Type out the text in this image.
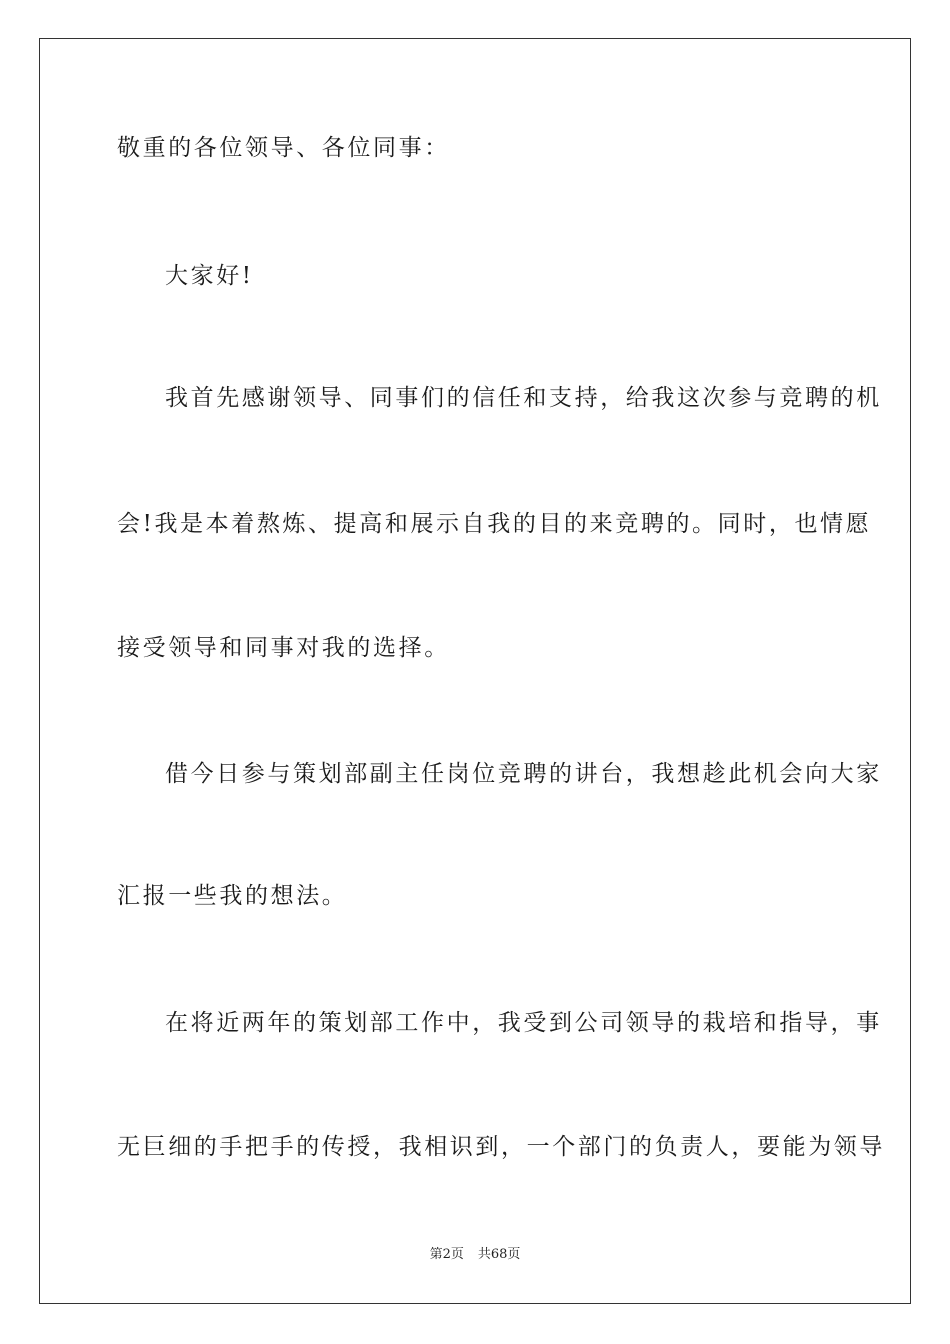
敬重的各位领导、各位同事：
大家好!
我首先感谢领导、同事们的信任和支持，给我这次参与竞聘的机
会!我是本着熬炼、提高和展示自我的目的来竞聘的。同时，也情愿
接受领导和同事对我的选择。
借今日参与策划部副主任岗位竞聘的讲台，我想趁此机会向大家
汇报一些我的想法。
在将近两年的策划部工作中，我受到公司领导的栽培和指导，事
无巨细的手把手的传授，我相识到，一个部门的负责人，要能为领导
第2页 共68页
